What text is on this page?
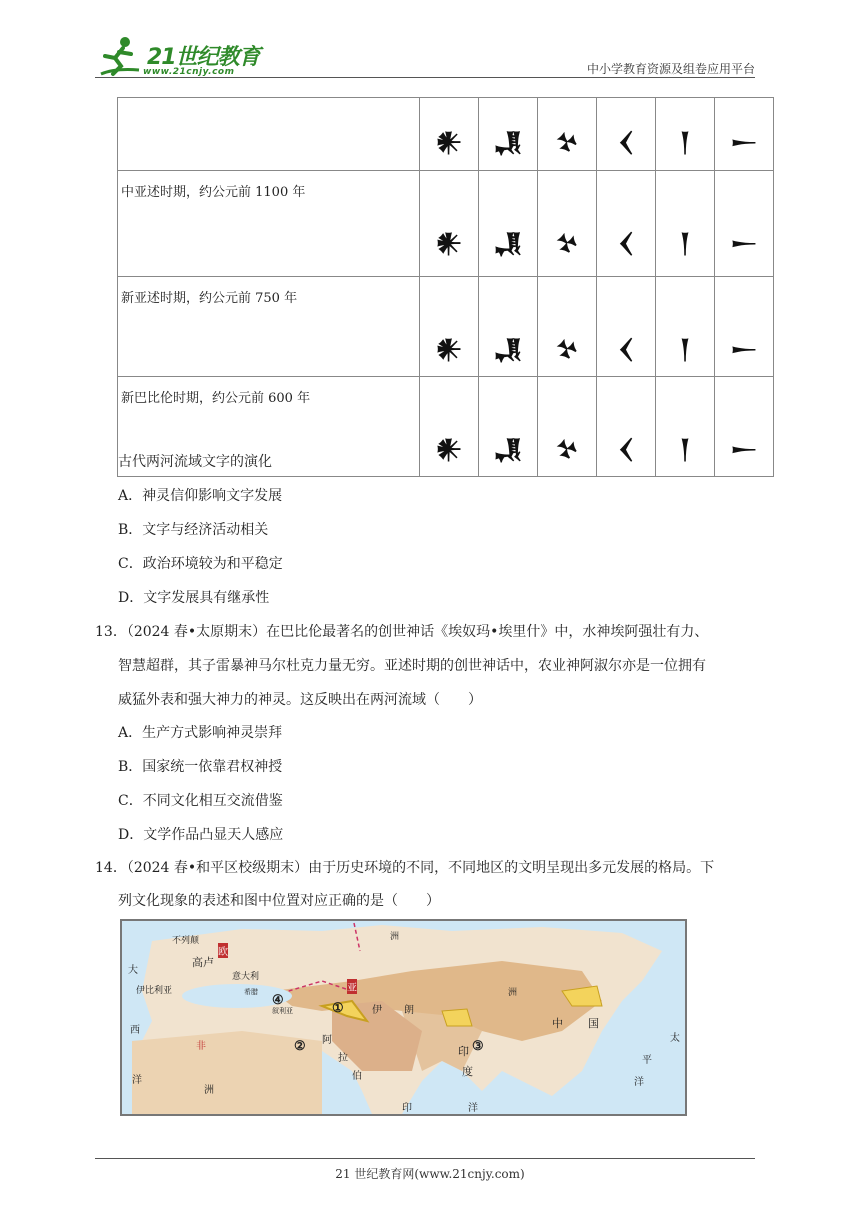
21世纪教育
www.21cnjy.com	中小学教育资源及组卷应用平台

	𒀭	𒂗	𒆳	𒌋	𒁹	𒀸

中亚述时期，约公元前 1100 年	𒀭	𒂗	𒆳	𒌋	𒁹	𒀸

新亚述时期，约公元前 750 年	𒀭	𒂗	𒆳	𒌋	𒁹	𒀸

新巴比伦时期，约公元前 600 年	𒀭	𒂗	𒆳	𒌋	𒁹	𒀸
古代两河流域文字的演化
A．神灵信仰影响文字发展
B．文字与经济活动相关
C．政治环境较为和平稳定
D．文字发展具有继承性
13．（2024 春•太原期末）在巴比伦最著名的创世神话《埃奴玛•埃里什》中，水神埃阿强壮有力、
智慧超群，其子雷暴神马尔杜克力量无穷。亚述时期的创世神话中，农业神阿淑尔亦是一位拥有
威猛外表和强大神力的神灵。这反映出在两河流域（　　）
A．生产方式影响神灵崇拜
B．国家统一依靠君权神授
C．不同文化相互交流借鉴
D．文学作品凸显天人感应
14．（2024 春•和平区校级期末）由于历史环境的不同，不同地区的文明呈现出多元发展的格局。下
列文化现象的表述和图中位置对应正确的是（　　）
不列颠
欧
洲
高卢
意大利
伊比利亚
大
西
洋
亚
伊 朗
叙利亚
阿
拉
伯
非
洲
印
度
中 国
太
平
洋
印	洋
洲
希腊
①
②	③
④
21 世纪教育网(www.21cnjy.com)
